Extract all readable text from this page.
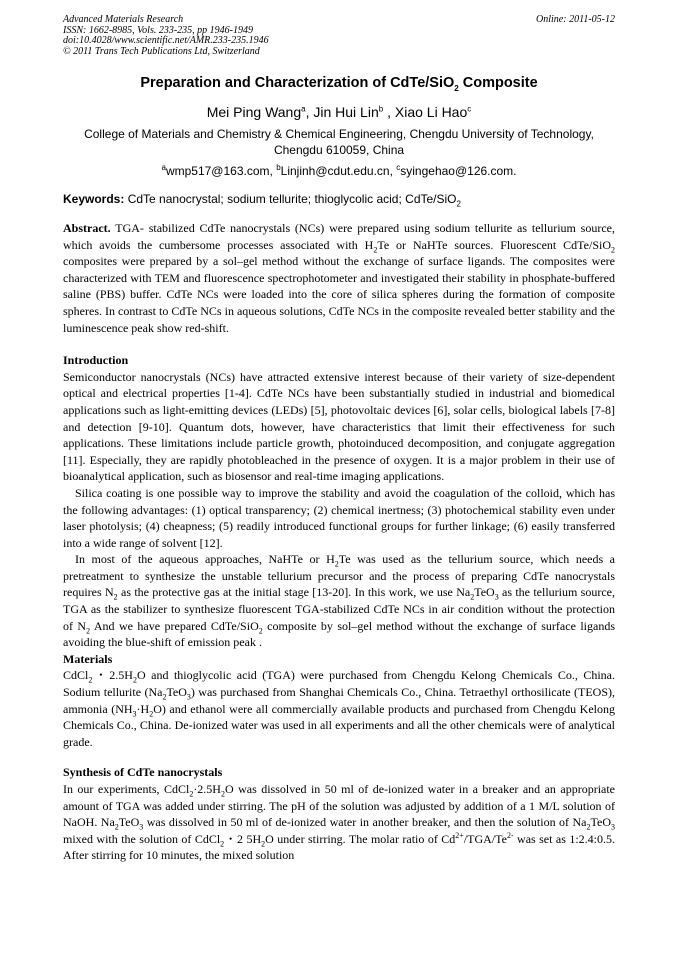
Advanced Materials Research
ISSN: 1662-8985, Vols. 233-235, pp 1946-1949
doi:10.4028/www.scientific.net/AMR.233-235.1946
© 2011 Trans Tech Publications Ltd, Switzerland
Online: 2011-05-12
Preparation and Characterization of CdTe/SiO$_2$ Composite
Mei Ping Wang$^a$, Jin Hui Lin$^b$ , Xiao Li Hao$^c$
College of Materials and Chemistry & Chemical Engineering, Chengdu University of Technology,
Chengdu 610059, China
$^a$wmp517@163.com, $^b$Linjinh@cdut.edu.cn, $^c$syingehao@126.com.
Keywords: CdTe nanocrystal; sodium tellurite; thioglycolic acid; CdTe/SiO$_2$

Abstract. TGA- stabilized CdTe nanocrystals (NCs) were prepared using sodium tellurite as tellurium source, which avoids the cumbersome processes associated with $H_2Te$ or NaHTe sources. Fluorescent CdTe/SiO$_2$ composites were prepared by a sol–gel method without the exchange of surface ligands. The composites were characterized with TEM and fluorescence spectrophotometer and investigated their stability in phosphate-buffered saline (PBS) buffer. CdTe NCs were loaded into the core of silica spheres during the formation of composite spheres. In contrast to CdTe NCs in aqueous solutions, CdTe NCs in the composite revealed better stability and the luminescence peak show red-shift.

Introduction

Semiconductor nanocrystals (NCs) have attracted extensive interest because of their variety of size-dependent optical and electrical properties [1-4]. CdTe NCs have been substantially studied in industrial and biomedical applications such as light-emitting devices (LEDs) [5], photovoltaic devices [6], solar cells, biological labels [7-8] and detection [9-10]. Quantum dots, however, have characteristics that limit their effectiveness for such applications. These limitations include particle growth, photoinduced decomposition, and conjugate aggregation [11]. Especially, they are rapidly photobleached in the presence of oxygen. It is a major problem in their use of bioanalytical application, such as biosensor and real-time imaging applications.

Silica coating is one possible way to improve the stability and avoid the coagulation of the colloid, which has the following advantages: (1) optical transparency; (2) chemical inertness; (3) photochemical stability even under laser photolysis; (4) cheapness; (5) readily introduced functional groups for further linkage; (6) easily transferred into a wide range of solvent [12].

In most of the aqueous approaches, NaHTe or $H_2Te$ was used as the tellurium source, which needs a pretreatment to synthesize the unstable tellurium precursor and the process of preparing CdTe nanocrystals requires $N_2$ as the protective gas at the initial stage [13-20]. In this work, we use $Na_2TeO_3$ as the tellurium source, TGA as the stabilizer to synthesize fluorescent TGA-stabilized CdTe NCs in air condition without the protection of $N_2$ And we have prepared CdTe/SiO$_2$ composite by sol–gel method without the exchange of surface ligands avoiding the blue-shift of emission peak .

Materials

CdCl$_2$・$2.5H_2O$ and thioglycolic acid (TGA) were purchased from Chengdu Kelong Chemicals Co., China. Sodium tellurite $(Na_2TeO_3)$ was purchased from Shanghai Chemicals Co., China. Tetraethyl orthosilicate (TEOS), ammonia $(NH_3\cdot H_2O)$ and ethanol were all commercially available products and purchased from Chengdu Kelong Chemicals Co., China. De-ionized water was used in all experiments and all the other chemicals were of analytical grade.

Synthesis of CdTe nanocrystals

In our experiments, $CdCl_2\cdot 2.5H_2O$ was dissolved in 50 ml of de-ionized water in a breaker and an appropriate amount of TGA was added under stirring. The pH of the solution was adjusted by addition of a 1 M/L solution of NaOH. $Na_2TeO_3$ was dissolved in 50 ml of de-ionized water in another breaker, and then the solution of $Na_2TeO_3$ mixed with the solution of CdCl$_2$・2 $5H_2O$ under stirring. The molar ratio of $Cd^{2+}/TGA/Te^{2-}$ was set as 1:2.4:0.5. After stirring for 10 minutes, the mixed solution
